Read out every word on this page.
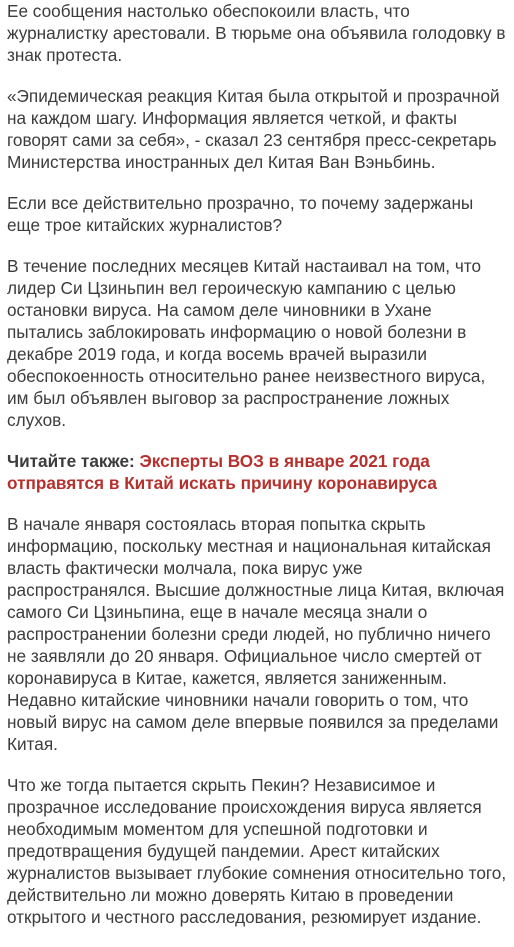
Ее сообщения настолько обеспокоили власть, что журналистку арестовали. В тюрьме она объявила голодовку в знак протеста.

«Эпидемическая реакция Китая была открытой и прозрачной на каждом шагу. Информация является четкой, и факты говорят сами за себя», - сказал 23 сентября пресс-секретарь Министерства иностранных дел Китая Ван Вэньбинь.

Если все действительно прозрачно, то почему задержаны еще трое китайских журналистов?

В течение последних месяцев Китай настаивал на том, что лидер Си Цзиньпин вел героическую кампанию с целью остановки вируса. На самом деле чиновники в Ухане пытались заблокировать информацию о новой болезни в декабре 2019 года, и когда восемь врачей выразили обеспокоенность относительно ранее неизвестного вируса, им был объявлен выговор за распространение ложных слухов.

Читайте также: Эксперты ВОЗ в январе 2021 года отправятся в Китай искать причину коронавируса

В начале января состоялась вторая попытка скрыть информацию, поскольку местная и национальная китайская власть фактически молчала, пока вирус уже распространялся. Высшие должностные лица Китая, включая самого Си Цзиньпина, еще в начале месяца знали о распространении болезни среди людей, но публично ничего не заявляли до 20 января. Официальное число смертей от коронавируса в Китае, кажется, является заниженным. Недавно китайские чиновники начали говорить о том, что новый вирус на самом деле впервые появился за пределами Китая.

Что же тогда пытается скрыть Пекин? Независимое и прозрачное исследование происхождения вируса является необходимым моментом для успешной подготовки и предотвращения будущей пандемии. Арест китайских журналистов вызывает глубокие сомнения относительно того, действительно ли можно доверять Китаю в проведении открытого и честного расследования, резюмирует издание.
